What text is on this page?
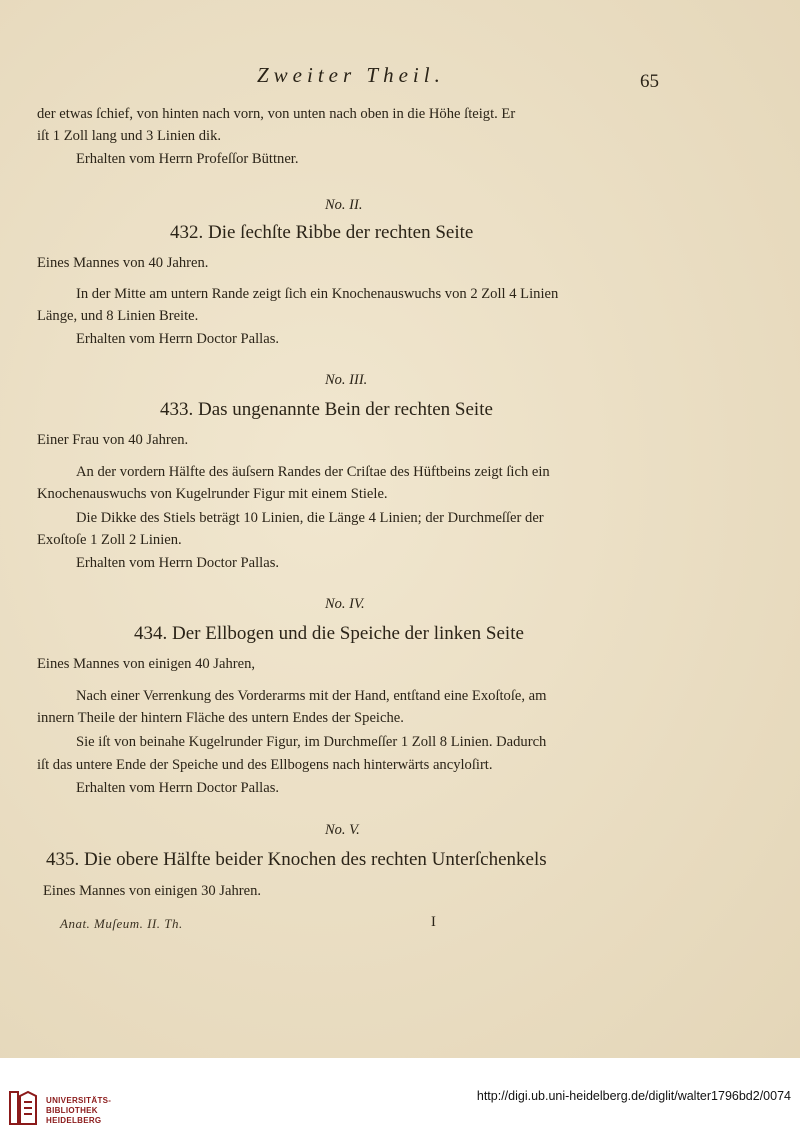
Zweiter Theil.	65
der etwas ſchief, von hinten nach vorn, von unten nach oben in die Höhe ſteigt. Er
iſt 1 Zoll lang und 3 Linien dik.
Erhalten vom Herrn Profeſſor Büttner.
No. II.
432. Die ſechſte Ribbe der rechten Seite
Eines Mannes von 40 Jahren.
In der Mitte am untern Rande zeigt ſich ein Knochenauswuchs von 2 Zoll 4 Linien
Länge, und 8 Linien Breite.
Erhalten vom Herrn Doctor Pallas.
No. III.
433. Das ungenannte Bein der rechten Seite
Einer Frau von 40 Jahren.
An der vordern Hälfte des äuſsern Randes der Criſtae des Hüftbeins zeigt ſich ein
Knochenauswuchs von Kugelrunder Figur mit einem Stiele.
Die Dikke des Stiels beträgt 10 Linien, die Länge 4 Linien; der Durchmeſſer der
Exoſtoſe 1 Zoll 2 Linien.
Erhalten vom Herrn Doctor Pallas.
No. IV.
434. Der Ellbogen und die Speiche der linken Seite
Eines Mannes von einigen 40 Jahren,
Nach einer Verrenkung des Vorderarms mit der Hand, entſtand eine Exoſtoſe, am
innern Theile der hintern Fläche des untern Endes der Speiche.
Sie iſt von beinahe Kugelrunder Figur, im Durchmeſſer 1 Zoll 8 Linien. Dadurch
iſt das untere Ende der Speiche und des Ellbogens nach hinterwärts ancyloſirt.
Erhalten vom Herrn Doctor Pallas.
No. V.
435. Die obere Hälfte beider Knochen des rechten Unterſchenkels
Eines Mannes von einigen 30 Jahren.
Anat. Muſeum. II. Th.	I
UNIVERSITÄTS-
BIBLIOTHEK
HEIDELBERG
http://digi.ub.uni-heidelberg.de/diglit/walter1796bd2/0074
